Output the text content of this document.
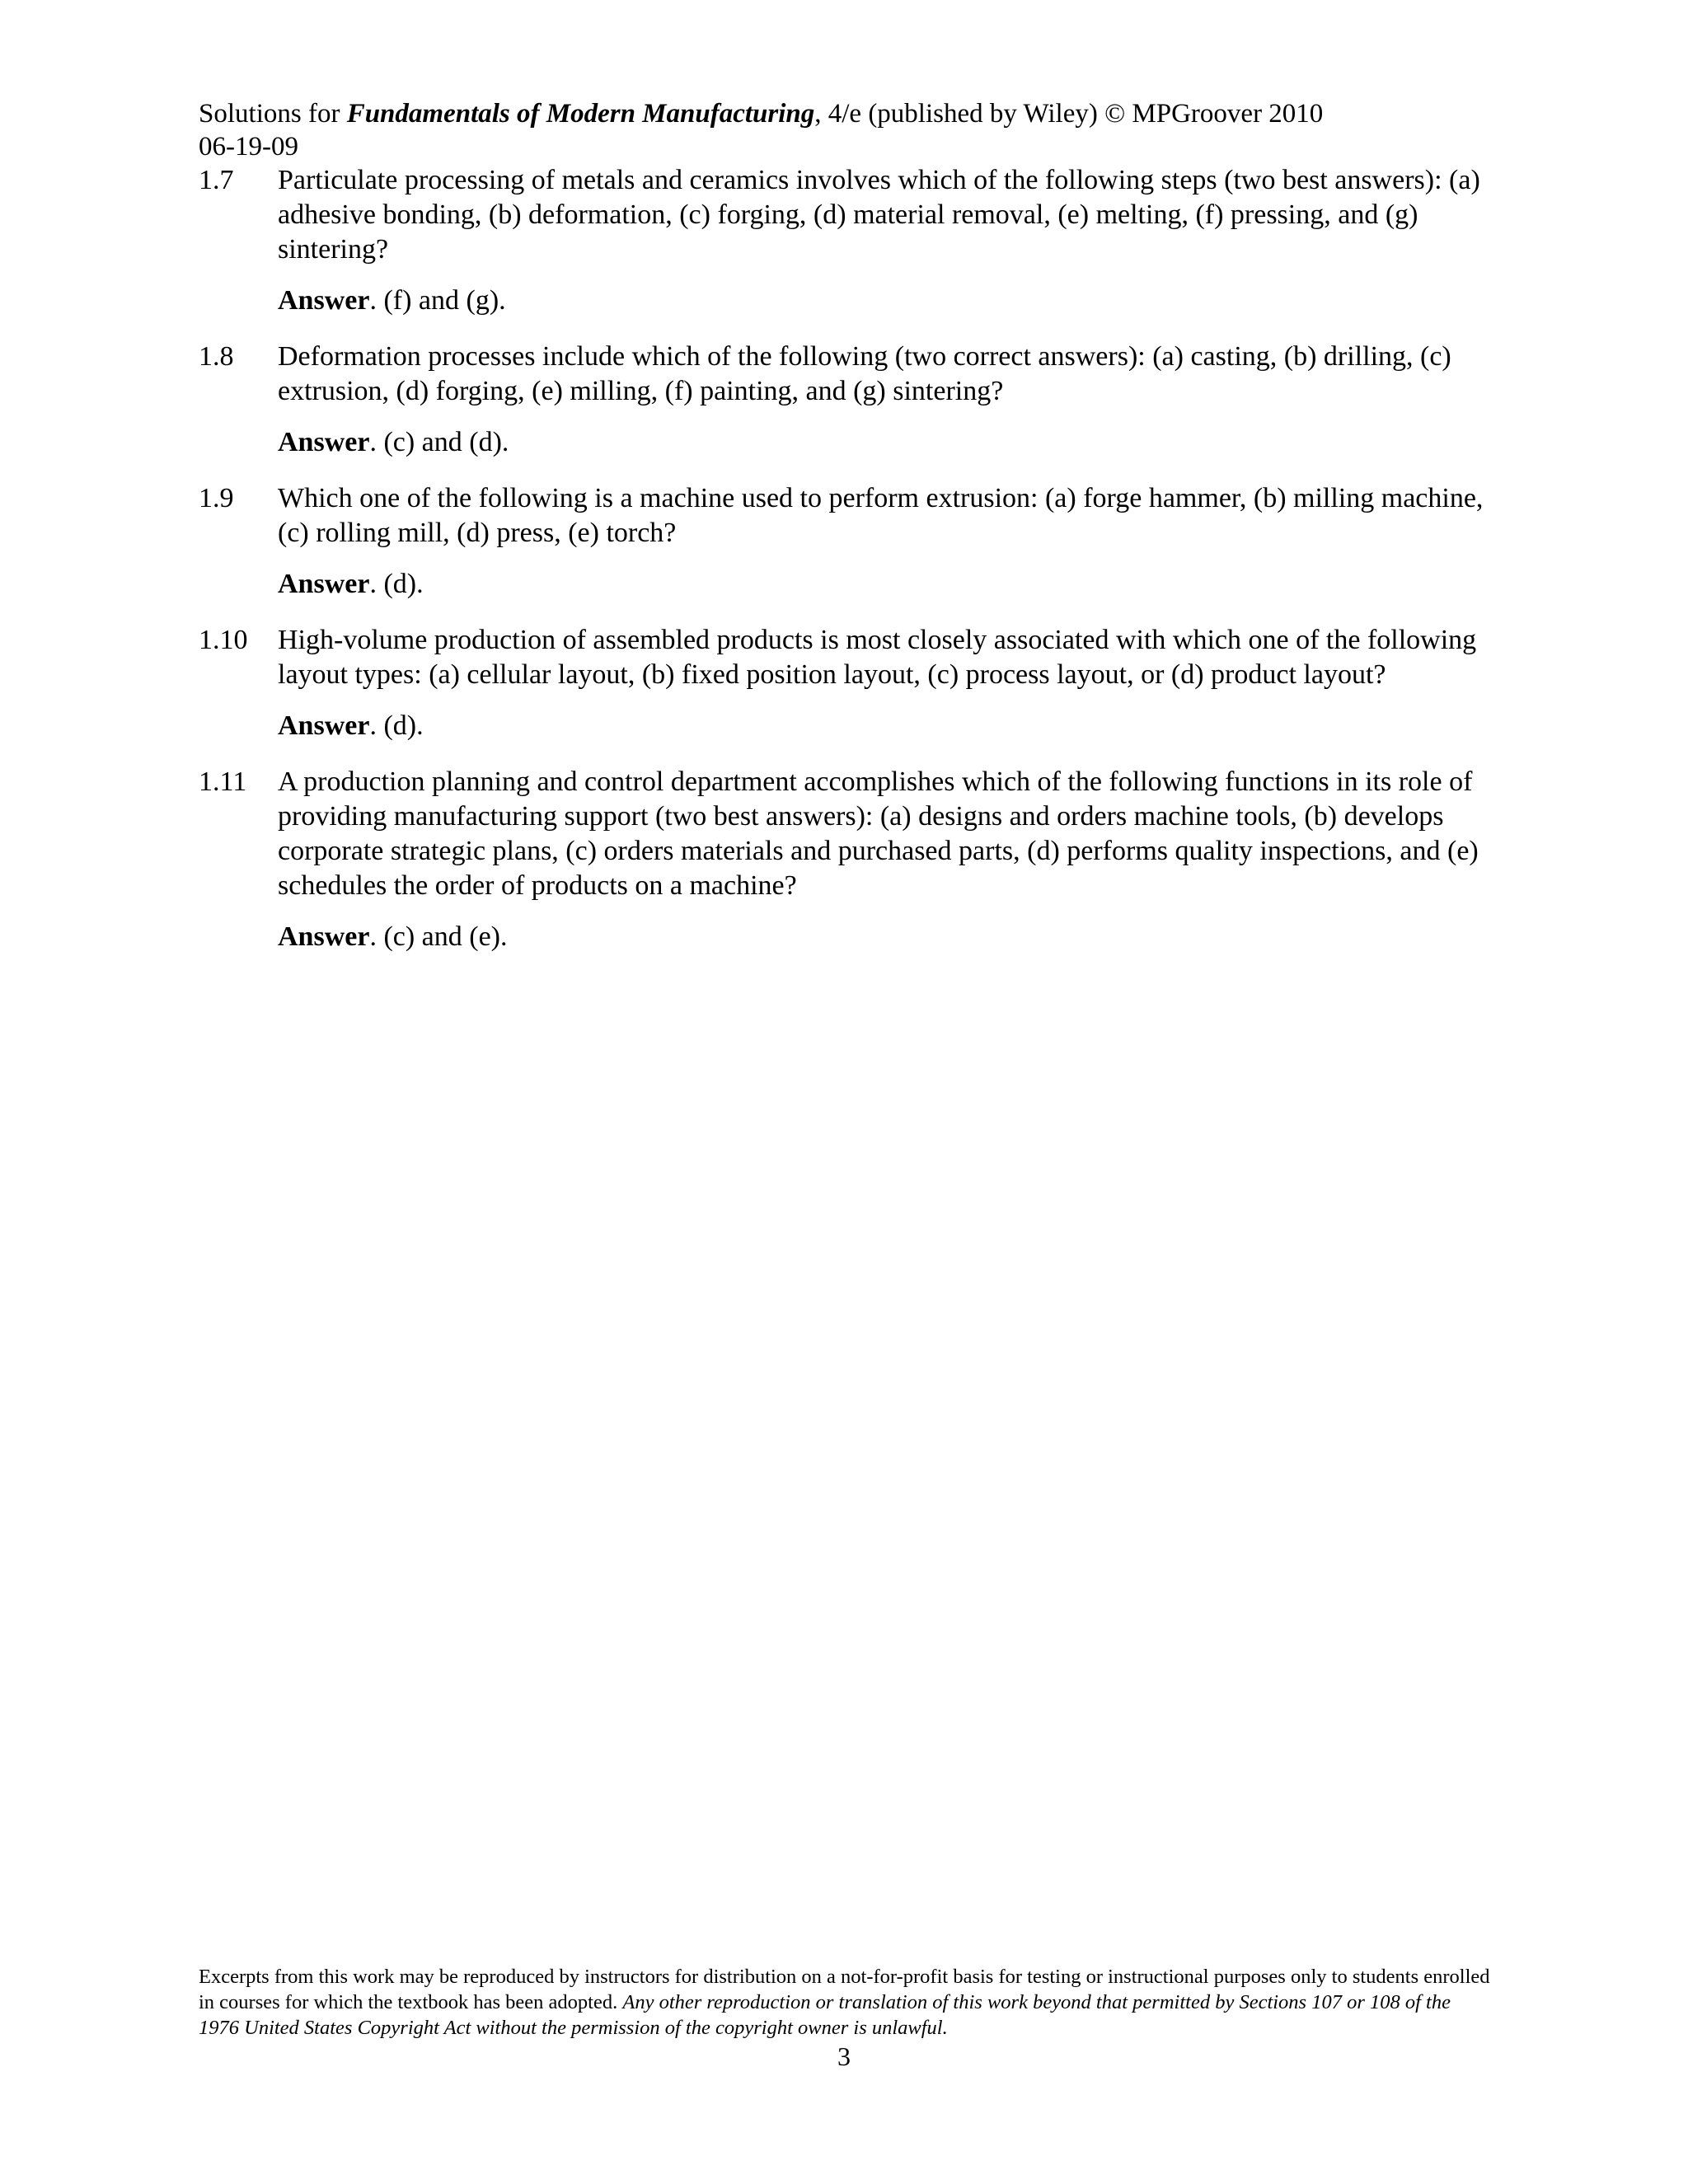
Solutions for Fundamentals of Modern Manufacturing, 4/e (published by Wiley) © MPGroover 2010
06-19-09
1.7	Particulate processing of metals and ceramics involves which of the following steps (two best answers): (a) adhesive bonding, (b) deformation, (c) forging, (d) material removal, (e) melting, (f) pressing, and (g) sintering?
Answer. (f) and (g).
1.8	Deformation processes include which of the following (two correct answers): (a) casting, (b) drilling, (c) extrusion, (d) forging, (e) milling, (f) painting, and (g) sintering?
Answer. (c) and (d).
1.9	Which one of the following is a machine used to perform extrusion: (a) forge hammer, (b) milling machine, (c) rolling mill, (d) press, (e) torch?
Answer. (d).
1.10	High-volume production of assembled products is most closely associated with which one of the following layout types: (a) cellular layout, (b) fixed position layout, (c) process layout, or (d) product layout?
Answer. (d).
1.11	A production planning and control department accomplishes which of the following functions in its role of providing manufacturing support (two best answers): (a) designs and orders machine tools, (b) develops corporate strategic plans, (c) orders materials and purchased parts, (d) performs quality inspections, and (e) schedules the order of products on a machine?
Answer. (c) and (e).
Excerpts from this work may be reproduced by instructors for distribution on a not-for-profit basis for testing or instructional purposes only to students enrolled in courses for which the textbook has been adopted. Any other reproduction or translation of this work beyond that permitted by Sections 107 or 108 of the 1976 United States Copyright Act without the permission of the copyright owner is unlawful.
3
